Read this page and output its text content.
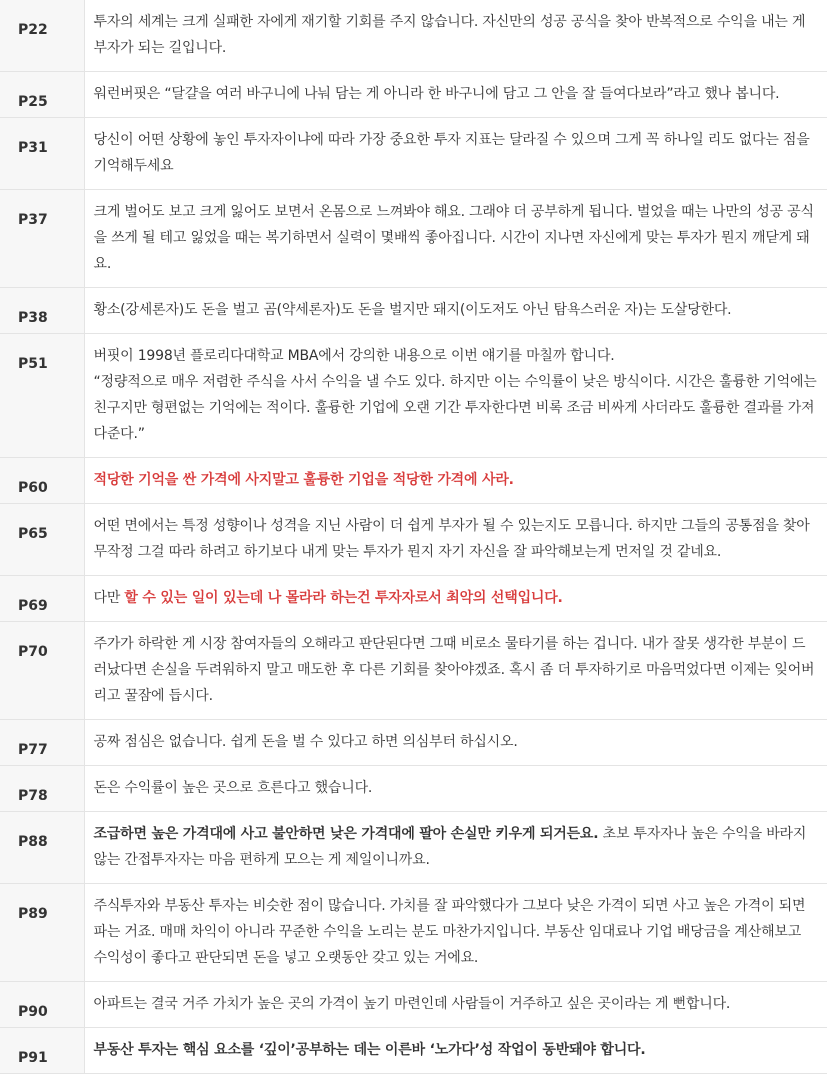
P22	투자의 세계는 크게 실패한 자에게 재기할 기회를 주지 않습니다. 자신만의 성공 공식을 찾아 반복적으로 수익을 내는 게 부자가 되는 길입니다.
P25	워런버핏은 “달걀을 여러 바구니에 나눠 담는 게 아니라 한 바구니에 담고 그 안을 잘 들여다보라”라고 했나 봅니다.
P31	당신이 어떤 상황에 놓인 투자자이냐에 따라 가장 중요한 투자 지표는 달라질 수 있으며 그게 꼭 하나일 리도 없다는 점을 기억해두세요
P37	크게 벌어도 보고 크게 잃어도 보면서 온몸으로 느껴봐야 해요. 그래야 더 공부하게 됩니다. 벌었을 때는 나만의 성공 공식을 쓰게 될 테고 잃었을 때는 복기하면서 실력이 몇배씩 좋아집니다. 시간이 지나면 자신에게 맞는 투자가 뭔지 깨닫게 돼요.
P38	황소(강세론자)도 돈을 벌고 곰(약세론자)도 돈을 벌지만 돼지(이도저도 아닌 탐욕스러운 자)는 도살당한다.
P51	버핏이 1998년 플로리다대학교 MBA에서 강의한 내용으로 이번 얘기를 마칠까 합니다.
“정량적으로 매우 저렴한 주식을 사서 수익을 낼 수도 있다. 하지만 이는 수익률이 낮은 방식이다. 시간은 훌륭한 기억에는 친구지만 형편없는 기억에는 적이다. 훌륭한 기업에 오랜 기간 투자한다면 비록 조금 비싸게 사더라도 훌륭한 결과를 가져다준다.”
P60	적당한 기억을 싼 가격에 사지말고 훌륭한 기업을 적당한 가격에 사라.
P65	어떤 면에서는 특정 성향이나 성격을 지닌 사람이 더 쉽게 부자가 될 수 있는지도 모릅니다. 하지만 그들의 공통점을 찾아 무작정 그걸 따라 하려고 하기보다 내게 맞는 투자가 뭔지 자기 자신을 잘 파악해보는게 먼저일 것 같네요.
P69	다만 할 수 있는 일이 있는데 나 몰라라 하는건 투자자로서 최악의 선택입니다.
P70	주가가 하락한 게 시장 참여자들의 오해라고 판단된다면 그때 비로소 물타기를 하는 겁니다. 내가 잘못 생각한 부분이 드러났다면 손실을 두려워하지 말고 매도한 후 다른 기회를 찾아야겠죠. 혹시 좀 더 투자하기로 마음먹었다면 이제는 잊어버리고 꿀잠에 듭시다.
P77	공짜 점심은 없습니다. 쉽게 돈을 벌 수 있다고 하면 의심부터 하십시오.
P78	돈은 수익률이 높은 곳으로 흐른다고 했습니다.
P88	조급하면 높은 가격대에 사고 불안하면 낮은 가격대에 팔아 손실만 키우게 되거든요. 초보 투자자나 높은 수익을 바라지 않는 간접투자자는 마음 편하게 모으는 게 제일이니까요.
P89	주식투자와 부동산 투자는 비슷한 점이 많습니다. 가치를 잘 파악했다가 그보다 낮은 가격이 되면 사고 높은 가격이 되면 파는 거죠. 매매 차익이 아니라 꾸준한 수익을 노리는 분도 마찬가지입니다. 부동산 임대료나 기업 배당금을 계산해보고 수익성이 좋다고 판단되면 돈을 넣고 오랫동안 갖고 있는 거에요.
P90	아파트는 결국 거주 가치가 높은 곳의 가격이 높기 마련인데 사람들이 거주하고 싶은 곳이라는 게 뻔합니다.
P91	부동산 투자는 핵심 요소를 ‘깊이’공부하는 데는 이른바 ‘노가다’성 작업이 동반돼야 합니다.
